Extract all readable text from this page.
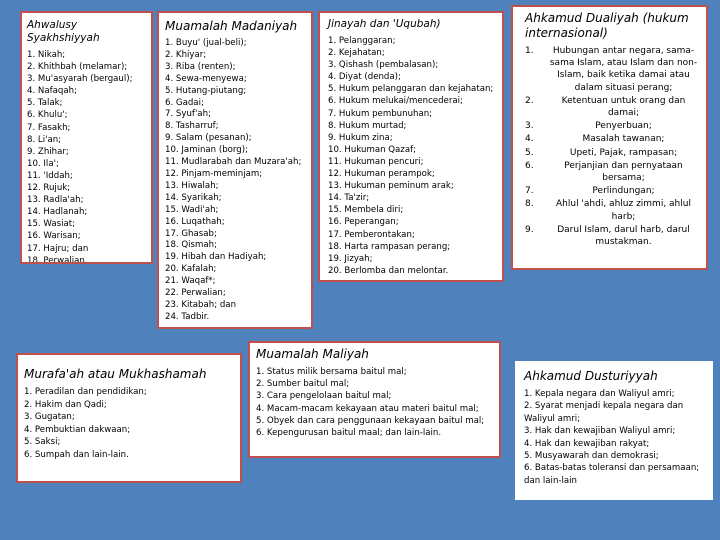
Ahwalusy Syakhshiyyah
1. Nikah;
2. Khithbah (melamar);
3. Mu'asyarah (bergaul);
4. Nafaqah;
5. Talak;
6. Khulu';
7. Fasakh;
8. Li'an;
9. Zhihar;
10. Ila';
11. 'Iddah;
12. Rujuk;
13. Radla'ah;
14. Hadlanah;
15. Wasiat;
16. Warisan;
17. Hajru; dan
18. Perwalian.
Muamalah Madaniyah
1. Buyu' (jual-beli);
2. Khiyar;
3. Riba (renten);
4. Sewa-menyewa;
5. Hutang-piutang;
6. Gadai;
7. Syuf'ah;
8. Tasharruf;
9. Salam (pesanan);
10. Jaminan (borg);
11. Mudlarabah dan Muzara'ah;
12. Pinjam-meminjam;
13. Hiwalah;
14. Syarikah;
15. Wadi'ah;
16. Luqathah;
17. Ghasab;
18. Qismah;
19. Hibah dan Hadiyah;
20. Kafalah;
21. Waqaf*;
22. Perwalian;
23. Kitabah; dan
24. Tadbir.
Jinayah dan 'Uqubah)
1. Pelanggaran;
2. Kejahatan;
3. Qishash (pembalasan);
4. Diyat (denda);
5. Hukum pelanggaran dan kejahatan;
6. Hukum melukai/mencederai;
7. Hukum pembunuhan;
8. Hukum murtad;
9. Hukum zina;
10. Hukuman Qazaf;
11. Hukuman pencuri;
12. Hukuman perampok;
13. Hukuman peminum arak;
14. Ta'zir;
15. Membela diri;
16. Peperangan;
17. Pemberontakan;
18. Harta rampasan perang;
19. Jizyah;
20. Berlomba dan melontar.
Ahkamud Dualiyah (hukum internasional)
1. Hubungan antar negara, sama-sama Islam, atau Islam dan non-Islam, baik ketika damai atau dalam situasi perang;
2.	Ketentuan untuk orang dan damai;
3.	Penyerbuan;
4.	Masalah tawanan;
5.	Upeti, Pajak, rampasan;
6.	Perjanjian dan pernyataan bersama;
7.	Perlindungan;
8. Ahlul 'ahdi, ahluz zimmi, ahlul harb;
9.	Darul Islam, darul harb, darul mustakman.
Murafa'ah atau Mukhashamah
1. Peradilan dan pendidikan;
2. Hakim dan Qadi;
3. Gugatan;
4. Pembuktian dakwaan;
5. Saksi;
6. Sumpah dan lain-lain.
Muamalah Maliyah
1. Status milik bersama baitul mal;
2. Sumber baitul mal;
3. Cara pengelolaan baitul mal;
4. Macam-macam kekayaan atau materi baitul mal;
5. Obyek dan cara penggunaan kekayaan baitul mal;
6. Kepengurusan baitul maal; dan lain-lain.
Ahkamud Dusturiyyah
1. Kepala negara dan Waliyul amri;
2. Syarat menjadi kepala negara dan Waliyul amri;
3. Hak dan kewajiban Waliyul amri;
4. Hak dan kewajiban rakyat;
5. Musyawarah dan demokrasi;
6. Batas-batas toleransi dan persamaan; dan lain-lain
